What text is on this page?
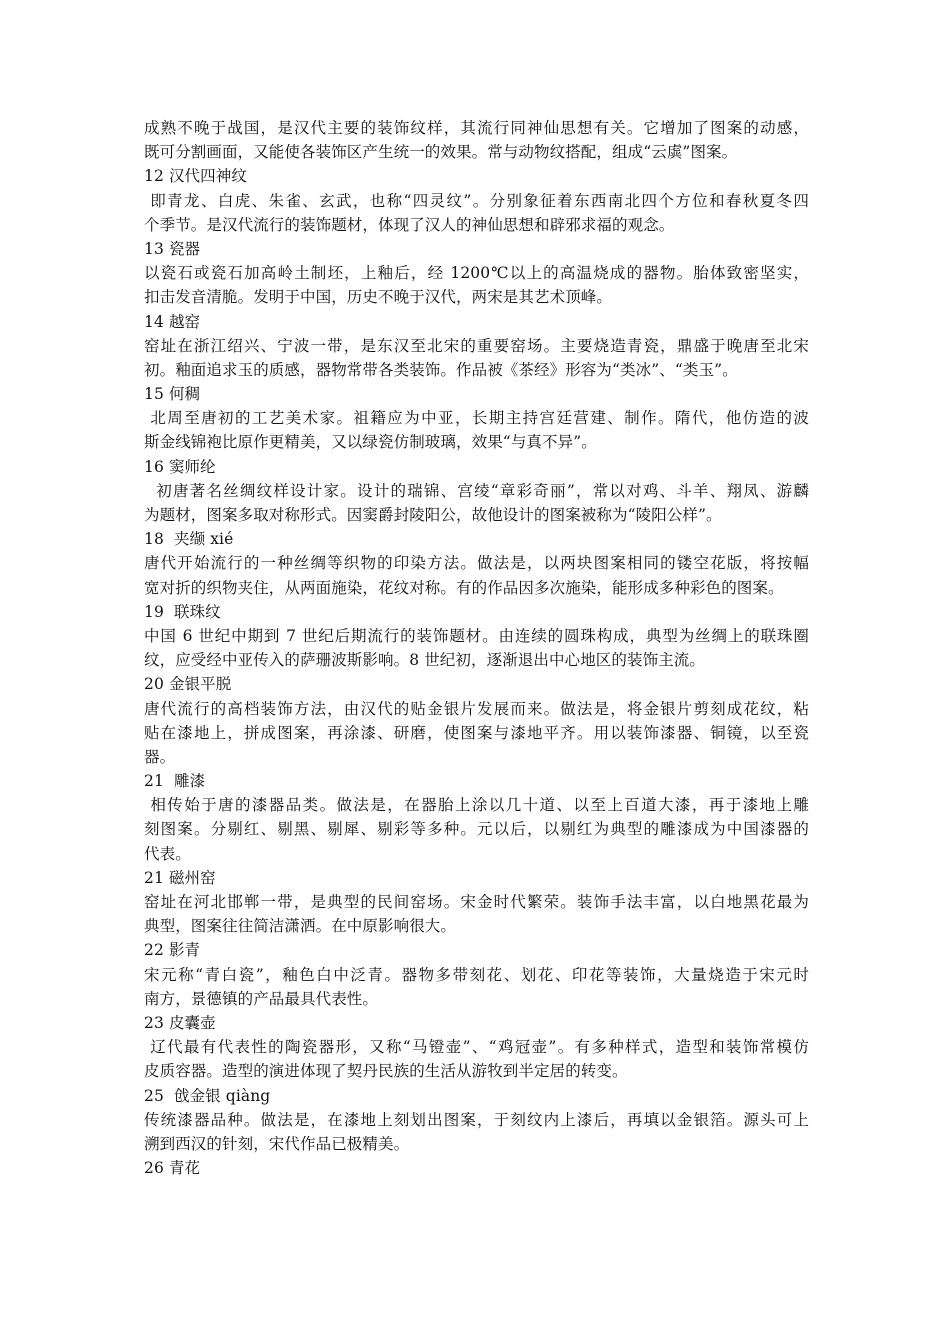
成熟不晚于战国，是汉代主要的装饰纹样，其流行同神仙思想有关。它增加了图案的动感，
既可分割画面，又能使各装饰区产生统一的效果。常与动物纹搭配，组成“云虡”图案。
12 汉代四神纹
即青龙、白虎、朱雀、玄武，也称“四灵纹”。分别象征着东西南北四个方位和春秋夏冬四
个季节。是汉代流行的装饰题材，体现了汉人的神仙思想和辟邪求福的观念。
13 瓷器
以瓷石或瓷石加高岭土制坯，上釉后，经 1200℃以上的高温烧成的器物。胎体致密坚实，
扣击发音清脆。发明于中国，历史不晚于汉代，两宋是其艺术顶峰。
14 越窑
窑址在浙江绍兴、宁波一带，是东汉至北宋的重要窑场。主要烧造青瓷，鼎盛于晚唐至北宋
初。釉面追求玉的质感，器物常带各类装饰。作品被《茶经》形容为“类冰”、“类玉”。
15 何稠
北周至唐初的工艺美术家。祖籍应为中亚，长期主持宫廷营建、制作。隋代，他仿造的波
斯金线锦袍比原作更精美，又以绿瓷仿制玻璃，效果“与真不异”。
16 窦师纶
初唐著名丝绸纹样设计家。设计的瑞锦、宫绫“章彩奇丽”，常以对鸡、斗羊、翔凤、游麟
为题材，图案多取对称形式。因窦爵封陵阳公，故他设计的图案被称为“陵阳公样”。
18  夹缬 xié
唐代开始流行的一种丝绸等织物的印染方法。做法是，以两块图案相同的镂空花版，将按幅
宽对折的织物夹住，从两面施染，花纹对称。有的作品因多次施染，能形成多种彩色的图案。
19  联珠纹
中国 6 世纪中期到 7 世纪后期流行的装饰题材。由连续的圆珠构成，典型为丝绸上的联珠圈
纹，应受经中亚传入的萨珊波斯影响。8 世纪初，逐渐退出中心地区的装饰主流。
20 金银平脱
唐代流行的高档装饰方法，由汉代的贴金银片发展而来。做法是，将金银片剪刻成花纹，粘
贴在漆地上，拼成图案，再涂漆、研磨，使图案与漆地平齐。用以装饰漆器、铜镜，以至瓷
器。
21  雕漆
相传始于唐的漆器品类。做法是，在器胎上涂以几十道、以至上百道大漆，再于漆地上雕
刻图案。分剔红、剔黑、剔犀、剔彩等多种。元以后，以剔红为典型的雕漆成为中国漆器的
代表。
21 磁州窑
窑址在河北邯郸一带，是典型的民间窑场。宋金时代繁荣。装饰手法丰富，以白地黑花最为
典型，图案往往简洁潇洒。在中原影响很大。
22 影青
宋元称“青白瓷”，釉色白中泛青。器物多带刻花、划花、印花等装饰，大量烧造于宋元时
南方，景德镇的产品最具代表性。
23 皮囊壶
辽代最有代表性的陶瓷器形，又称“马镫壶”、“鸡冠壶”。有多种样式，造型和装饰常模仿
皮质容器。造型的演进体现了契丹民族的生活从游牧到半定居的转变。
25  戗金银 qiàng
传统漆器品种。做法是，在漆地上刻划出图案，于刻纹内上漆后，再填以金银箔。源头可上
溯到西汉的针刻，宋代作品已极精美。
26 青花
